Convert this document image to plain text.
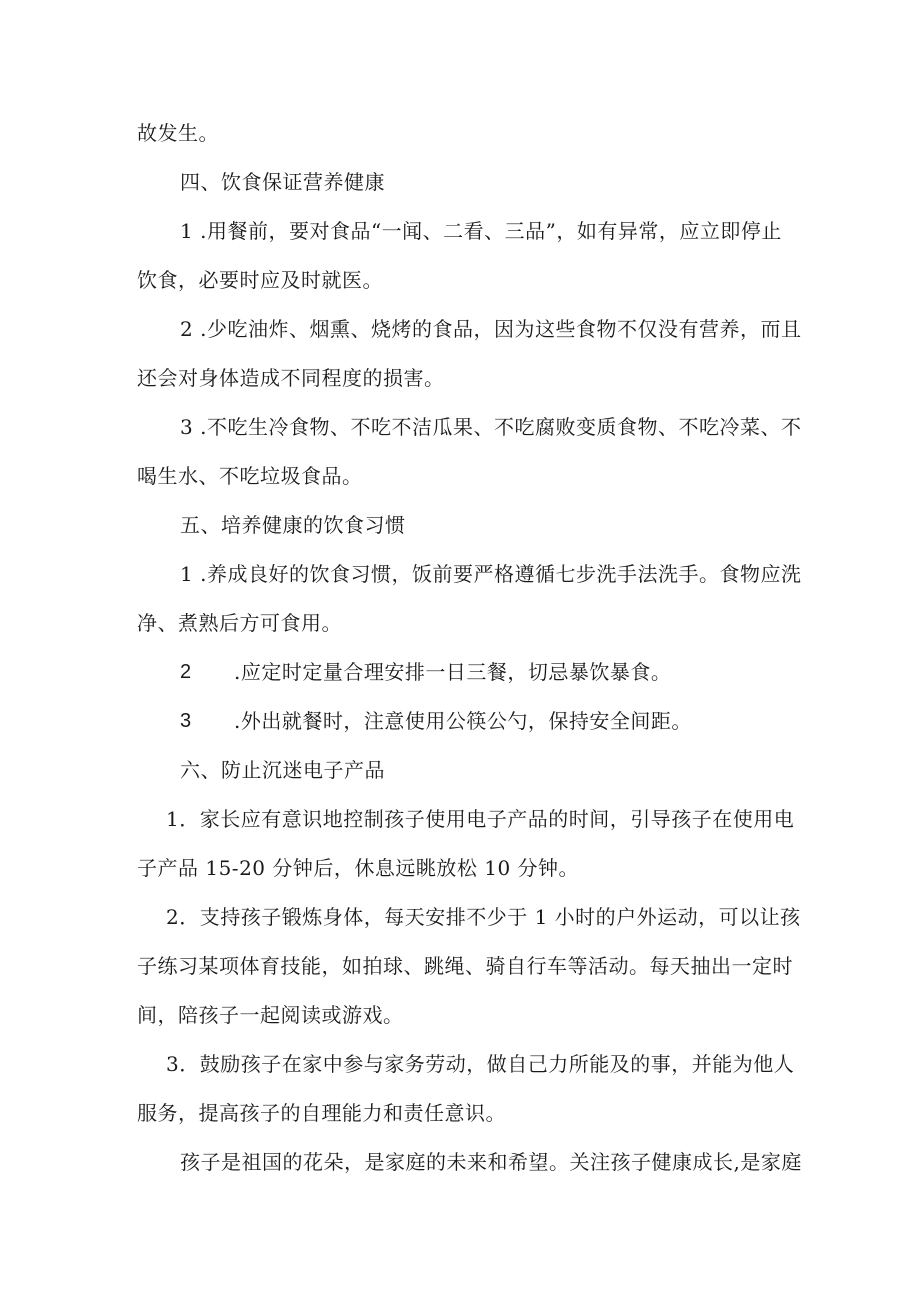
故发生。
四、饮食保证营养健康
1 .用餐前，要对食品“一闻、二看、三品”，如有异常，应立即停止
饮食，必要时应及时就医。
2 .少吃油炸、烟熏、烧烤的食品，因为这些食物不仅没有营养，而且
还会对身体造成不同程度的损害。
3 .不吃生冷食物、不吃不洁瓜果、不吃腐败变质食物、不吃冷菜、不
喝生水、不吃垃圾食品。
五、培养健康的饮食习惯
1 .养成良好的饮食习惯，饭前要严格遵循七步洗手法洗手。食物应洗
净、煮熟后方可食用。
2 .应定时定量合理安排一日三餐，切忌暴饮暴食。
3 .外出就餐时，注意使用公筷公勺，保持安全间距。
六、防止沉迷电子产品
1．家长应有意识地控制孩子使用电子产品的时间，引导孩子在使用电
子产品 15-20 分钟后，休息远眺放松 10 分钟。
2．支持孩子锻炼身体，每天安排不少于 1 小时的户外运动，可以让孩
子练习某项体育技能，如拍球、跳绳、骑自行车等活动。每天抽出一定时
间，陪孩子一起阅读或游戏。
3．鼓励孩子在家中参与家务劳动，做自己力所能及的事，并能为他人
服务，提高孩子的自理能力和责任意识。
孩子是祖国的花朵，是家庭的未来和希望。关注孩子健康成长,是家庭
